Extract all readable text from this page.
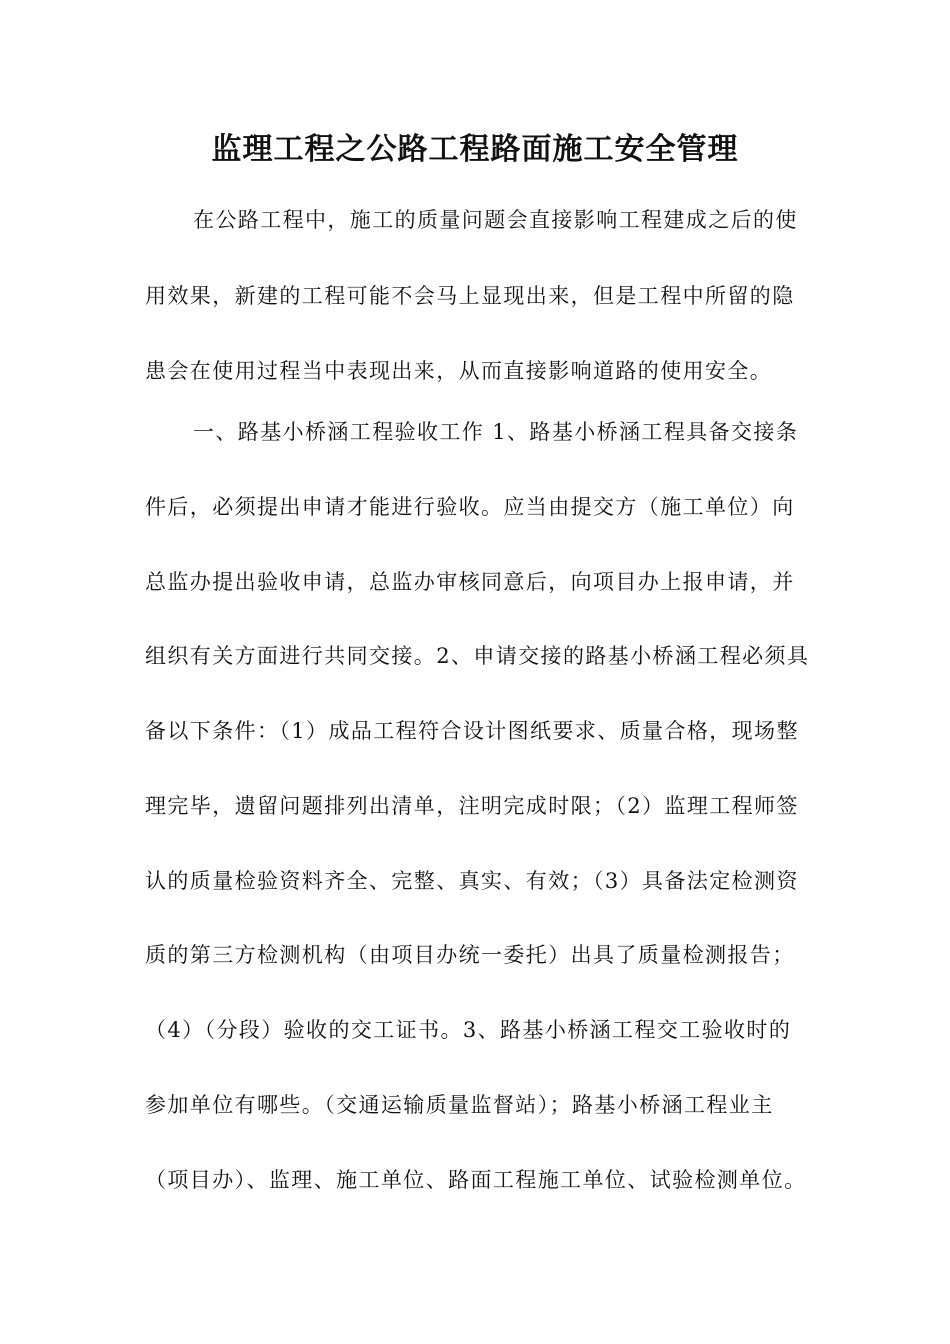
监理工程之公路工程路面施工安全管理
在公路工程中，施工的质量问题会直接影响工程建成之后的使
用效果，新建的工程可能不会马上显现出来，但是工程中所留的隐
患会在使用过程当中表现出来，从而直接影响道路的使用安全。
一、路基小桥涵工程验收工作 1、路基小桥涵工程具备交接条
件后，必须提出申请才能进行验收。应当由提交方（施工单位）向
总监办提出验收申请，总监办审核同意后，向项目办上报申请，并
组织有关方面进行共同交接。2、申请交接的路基小桥涵工程必须具
备以下条件：（1）成品工程符合设计图纸要求、质量合格，现场整
理完毕，遗留问题排列出清单，注明完成时限；（2）监理工程师签
认的质量检验资料齐全、完整、真实、有效；（3）具备法定检测资
质的第三方检测机构（由项目办统一委托）出具了质量检测报告；
（4）（分段）验收的交工证书。3、路基小桥涵工程交工验收时的
参加单位有哪些。（交通运输质量监督站）；路基小桥涵工程业主
（项目办）、监理、施工单位、路面工程施工单位、试验检测单位。
